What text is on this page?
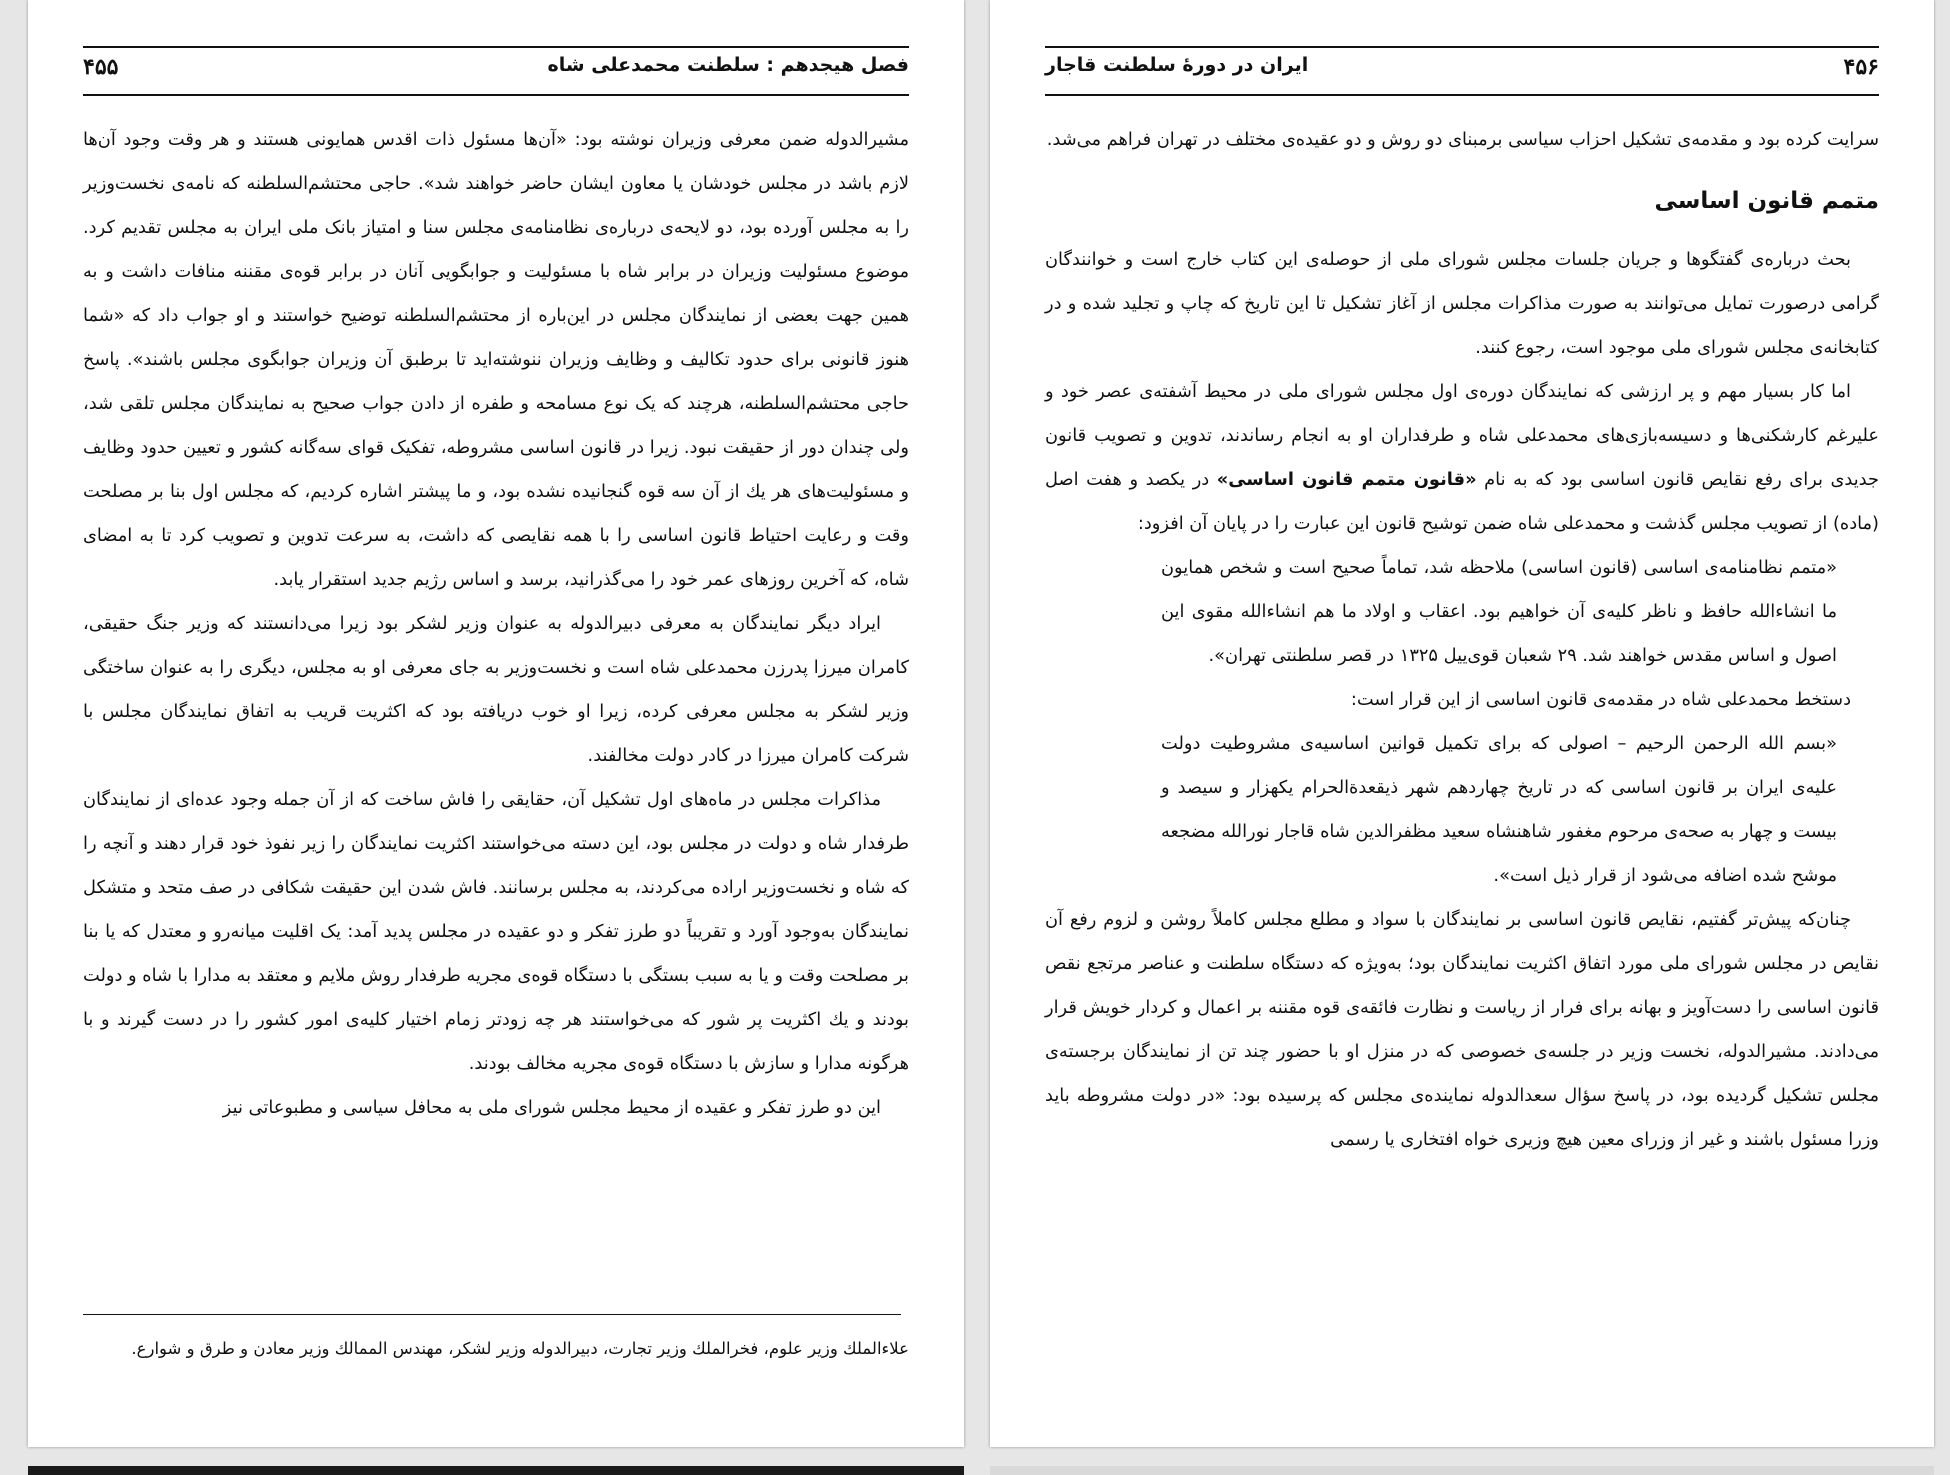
۴۵۵	فصل هیجدهم : سلطنت محمدعلی شاه

مشیرالدوله ضمن معرفی وزیران نوشته بود: «آن‌ها مسئول ذات اقدس همایونی هستند و هر وقت وجود آن‌ها لازم باشد در مجلس خودشان یا معاون ایشان حاضر خواهند شد». حاجی محتشم‌السلطنه که نامه‌ی نخست‌وزیر را به مجلس آورده بود، دو لایحه‌ی درباره‌ی نظامنامه‌ی مجلس سنا و امتیاز بانک ملی ایران به مجلس تقدیم کرد. موضوع مسئولیت وزیران در برابر شاه با مسئولیت و جوابگویی آنان در برابر قوه‌ی مقننه منافات داشت و به همین جهت بعضی از نمایندگان مجلس در این‌باره از محتشم‌السلطنه توضیح خواستند و او جواب داد که «شما هنوز قانونی برای حدود تکالیف و وظایف وزیران ننوشته‌اید تا برطبق آن وزیران جوابگوی مجلس باشند». پاسخ حاجی محتشم‌السلطنه، هرچند که یک نوع مسامحه و طفره از دادن جواب صحیح به نمایندگان مجلس تلقی شد، ولی چندان دور از حقیقت نبود. زیرا در قانون اساسی مشروطه، تفکیک قوای سه‌گانه کشور و تعیین حدود وظایف و مسئولیت‌های هر یك از آن سه قوه گنجانیده نشده بود، و ما پیشتر اشاره کردیم، که مجلس اول بنا بر مصلحت وقت و رعایت احتیاط قانون اساسی را با همه نقایصی که داشت، به سرعت تدوین و تصویب کرد تا به امضای شاه، که آخرین روزهای عمر خود را می‌گذرانید، برسد و اساس رژیم جدید استقرار یابد.

ایراد دیگر نمایندگان به معرفی دبیرالدوله به عنوان وزیر لشکر بود زیرا می‌دانستند که وزیر جنگ حقیقی، کامران میرزا پدرزن محمدعلی شاه است و نخست‌وزیر به جای معرفی او به مجلس، دیگری را به عنوان ساختگی وزیر لشکر به مجلس معرفی کرده، زیرا او خوب دریافته بود که اکثریت قریب به اتفاق نمایندگان مجلس با شرکت کامران میرزا در کادر دولت مخالفند.

مذاکرات مجلس در ماه‌های اول تشکیل آن، حقایقی را فاش ساخت که از آن جمله وجود عده‌ای از نمایندگان طرفدار شاه و دولت در مجلس بود، این دسته می‌خواستند اکثریت نمایندگان را زیر نفوذ خود قرار دهند و آنچه را که شاه و نخست‌وزیر اراده می‌کردند، به مجلس برسانند. فاش شدن این حقیقت شکافی در صف متحد و متشکل نمایندگان به‌وجود آورد و تقریباً دو طرز تفکر و دو عقیده در مجلس پدید آمد: یک اقلیت میانه‌رو و معتدل که یا بنا بر مصلحت وقت و یا به سبب بستگی با دستگاه قوه‌ی مجریه طرفدار روش ملایم و معتقد به مدارا با شاه و دولت بودند و یك اکثریت پر شور که می‌خواستند هر چه زودتر زمام اختیار کلیه‌ی امور کشور را در دست گیرند و با هرگونه مدارا و سازش با دستگاه قوه‌ی مجریه مخالف بودند.

این دو طرز تفکر و عقیده از محیط مجلس شورای ملی به محافل سیاسی و مطبوعاتی نیز

علاءالملك وزیر علوم، فخرالملك وزیر تجارت، دبیرالدوله وزیر لشکر، مهندس الممالك وزیر معادن و طرق و شوارع.

۴۵۶
ایران در دورهٔ سلطنت قاجار

سرایت کرده بود و مقدمه‌ی تشکیل احزاب سیاسی برمبنای دو روش و دو عقیده‌ی مختلف در تهران فراهم می‌شد.

متمم قانون اساسی

بحث درباره‌ی گفتگوها و جریان جلسات مجلس شورای ملی از حوصله‌ی این کتاب خارج است و خوانندگان گرامی درصورت تمایل می‌توانند به صورت مذاکرات مجلس از آغاز تشکیل تا این تاریخ که چاپ و تجلید شده و در کتابخانه‌ی مجلس شورای ملی موجود است، رجوع کنند.

اما کار بسیار مهم و پر ارزشی که نمایندگان دوره‌ی اول مجلس شورای ملی در محیط آشفته‌ی عصر خود و علیرغم کارشکنی‌ها و دسیسه‌بازی‌های محمدعلی شاه و طرفداران او به انجام رساندند، تدوین و تصویب قانون جدیدی برای رفع نقایص قانون اساسی بود که به نام «قانون متمم قانون اساسی» در یکصد و هفت اصل (ماده) از تصویب مجلس گذشت و محمدعلی شاه ضمن توشیح قانون این عبارت را در پایان آن افزود:

«متمم نظامنامه‌ی اساسی (قانون اساسی) ملاحظه شد، تماماً صحیح است و شخص همایون ما انشاءالله حافظ و ناظر کلیه‌ی آن خواهیم بود. اعقاب و اولاد ما هم انشاءالله مقوی این اصول و اساس مقدس خواهند شد. ۲۹ شعبان قوی‌ییل ۱۳۲۵ در قصر سلطنتی تهران».

دستخط محمدعلی شاه در مقدمه‌ی قانون اساسی از این قرار است:

«بسم الله الرحمن الرحیم – اصولی که برای تکمیل قوانین اساسیه‌ی مشروطیت دولت علیه‌ی ایران بر قانون اساسی که در تاریخ چهاردهم شهر ذیقعدةالحرام یکهزار و سیصد و بیست و چهار به صحه‌ی مرحوم مغفور شاهنشاه سعید مظفرالدین شاه قاجار نورالله مضجعه موشح شده اضافه می‌شود از قرار ذیل است».

چنان‌که پیش‌تر گفتیم، نقایص قانون اساسی بر نمایندگان با سواد و مطلع مجلس کاملاً روشن و لزوم رفع آن نقایص در مجلس شورای ملی مورد اتفاق اکثریت نمایندگان بود؛ به‌ویژه که دستگاه سلطنت و عناصر مرتجع نقص قانون اساسی را دست‌آویز و بهانه برای فرار از ریاست و نظارت فائقه‌ی قوه مقننه بر اعمال و کردار خویش قرار می‌دادند. مشیرالدوله، نخست وزیر در جلسه‌ی خصوصی که در منزل او با حضور چند تن از نمایندگان برجسته‌ی مجلس تشکیل گردیده بود، در پاسخ سؤال سعدالدوله نماینده‌ی مجلس که پرسیده بود: «در دولت مشروطه باید وزرا مسئول باشند و غیر از وزرای معین هیچ وزیری خواه افتخاری یا رسمی
